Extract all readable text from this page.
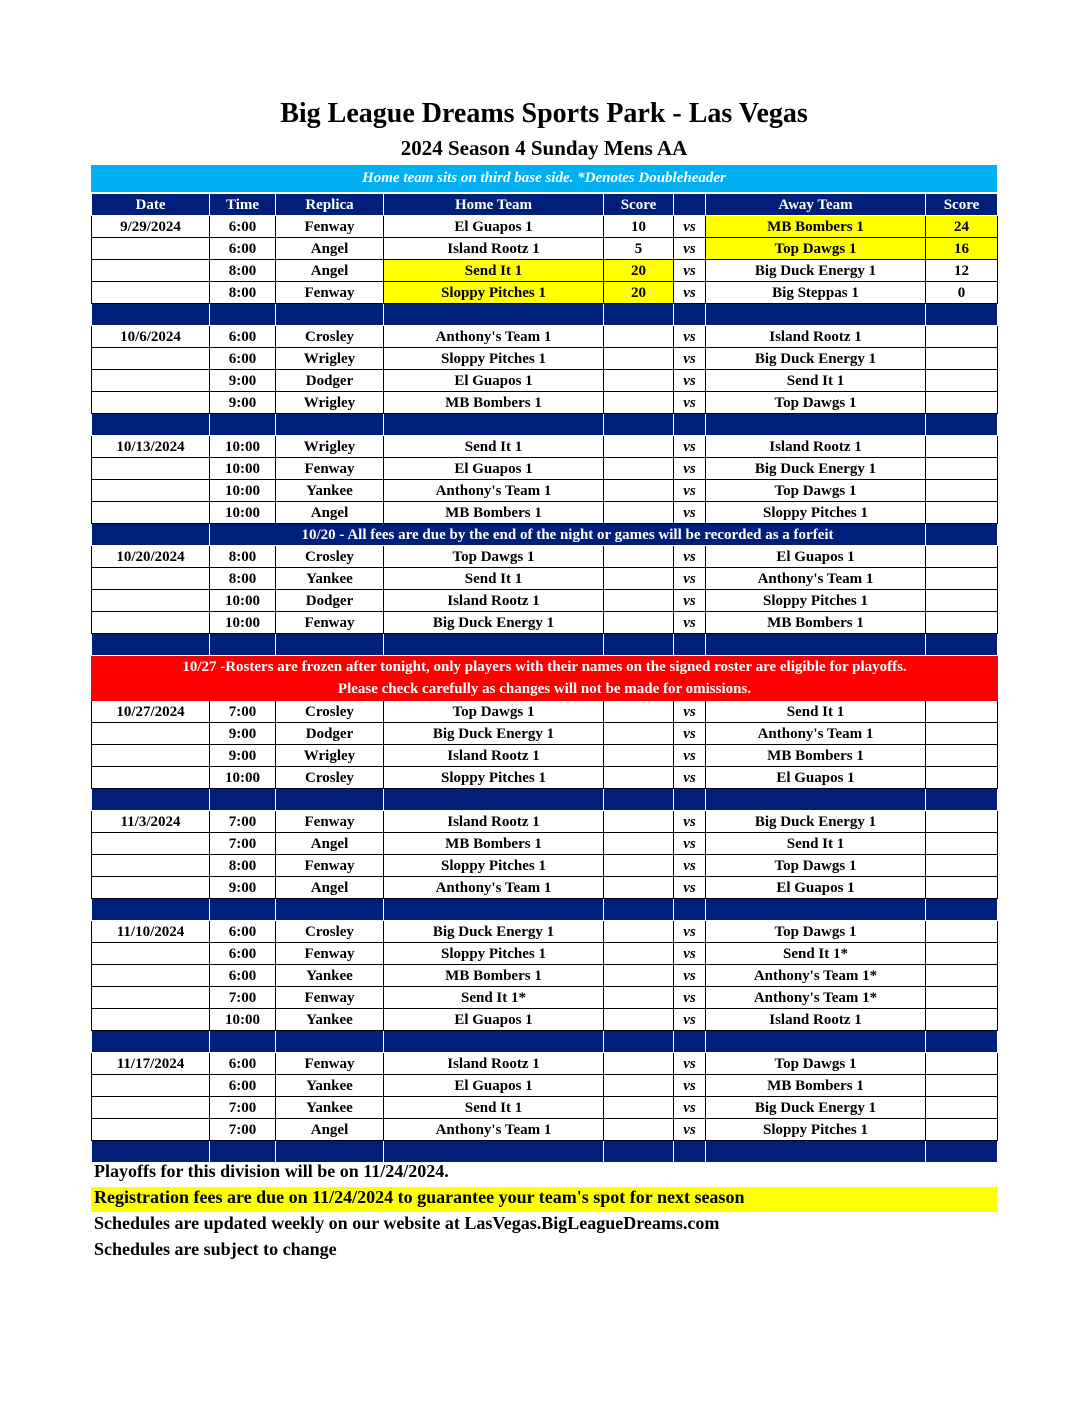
Big League Dreams Sports Park - Las Vegas
2024 Season 4 Sunday Mens AA
Home team sits on third base side. *Denotes Doubleheader
Date	Time	Replica	Home Team	Score		Away Team	Score
9/29/2024	6:00	Fenway	El Guapos 1	10	vs	MB Bombers 1	24
	6:00	Angel	Island Rootz 1	5	vs	Top Dawgs 1	16
	8:00	Angel	Send It 1	20	vs	Big Duck Energy 1	12
	8:00	Fenway	Sloppy Pitches 1	20	vs	Big Steppas 1	0

10/6/2024	6:00	Crosley	Anthony's Team 1		vs	Island Rootz 1	
	6:00	Wrigley	Sloppy Pitches 1		vs	Big Duck Energy 1	
	9:00	Dodger	El Guapos 1		vs	Send It 1	
	9:00	Wrigley	MB Bombers 1		vs	Top Dawgs 1	

10/13/2024	10:00	Wrigley	Send It 1		vs	Island Rootz 1	
	10:00	Fenway	El Guapos 1		vs	Big Duck Energy 1	
	10:00	Yankee	Anthony's Team 1		vs	Top Dawgs 1	
	10:00	Angel	MB Bombers 1		vs	Sloppy Pitches 1	
	10/20 - All fees are due by the end of the night or games will be recorded as a forfeit						
10/20/2024	8:00	Crosley	Top Dawgs 1		vs	El Guapos 1	
	8:00	Yankee	Send It 1		vs	Anthony's Team 1	
	10:00	Dodger	Island Rootz 1		vs	Sloppy Pitches 1	
	10:00	Fenway	Big Duck Energy 1		vs	MB Bombers 1	

10/27 -Rosters are frozen after tonight, only players with their names on the signed roster are eligible for playoffs.
Please check carefully as changes will not be made for omissions.							

10/27/2024	7:00	Crosley	Top Dawgs 1		vs	Send It 1	
	9:00	Dodger	Big Duck Energy 1		vs	Anthony's Team 1	
	9:00	Wrigley	Island Rootz 1		vs	MB Bombers 1	
	10:00	Crosley	Sloppy Pitches 1		vs	El Guapos 1	

11/3/2024	7:00	Fenway	Island Rootz 1		vs	Big Duck Energy 1	
	7:00	Angel	MB Bombers 1		vs	Send It 1	
	8:00	Fenway	Sloppy Pitches 1		vs	Top Dawgs 1	
	9:00	Angel	Anthony's Team 1		vs	El Guapos 1	

11/10/2024	6:00	Crosley	Big Duck Energy 1		vs	Top Dawgs 1	
	6:00	Fenway	Sloppy Pitches 1		vs	Send It 1*	
	6:00	Yankee	MB Bombers 1		vs	Anthony's Team 1*	
	7:00	Fenway	Send It 1*		vs	Anthony's Team 1*	
	10:00	Yankee	El Guapos 1		vs	Island Rootz 1	

11/17/2024	6:00	Fenway	Island Rootz 1		vs	Top Dawgs 1	
	6:00	Yankee	El Guapos 1		vs	MB Bombers 1	
	7:00	Yankee	Send It 1		vs	Big Duck Energy 1	
	7:00	Angel	Anthony's Team 1		vs	Sloppy Pitches 1	

Playoffs for this division will be on 11/24/2024.
Registration fees are due on 11/24/2024 to guarantee your team's spot for next season
Schedules are updated weekly on our website at LasVegas.BigLeagueDreams.com
Schedules are subject to change
